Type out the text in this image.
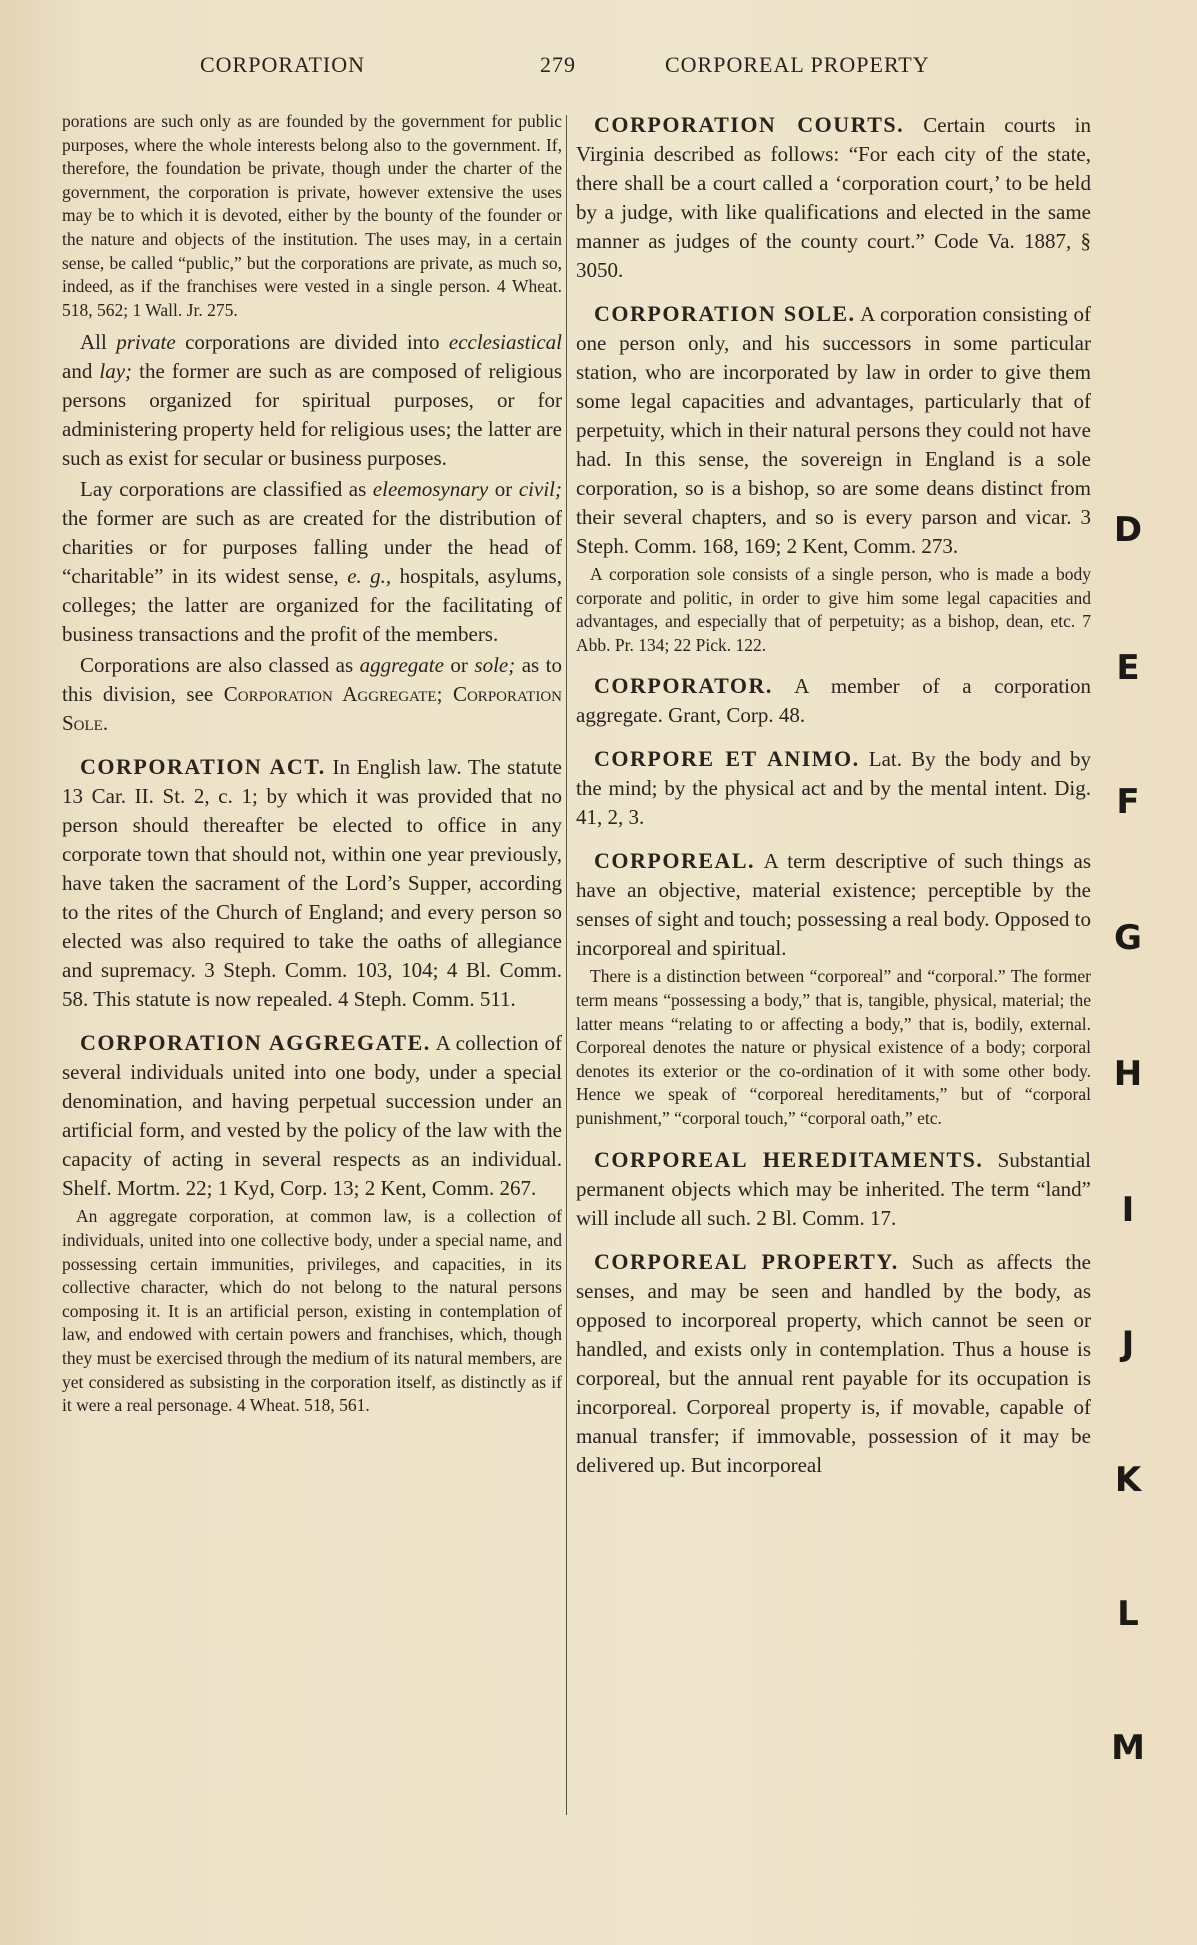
CORPORATION	279	CORPOREAL PROPERTY

porations are such only as are founded by the government for public purposes, where the whole interests belong also to the government. If, therefore, the foundation be private, though under the charter of the government, the corporation is private, however extensive the uses may be to which it is devoted, either by the bounty of the founder or the nature and objects of the institution. The uses may, in a certain sense, be called “public,” but the corporations are private, as much so, indeed, as if the franchises were vested in a single person. 4 Wheat. 518, 562; 1 Wall. Jr. 275.

All private corporations are divided into ecclesiastical and lay; the former are such as are composed of religious persons organized for spiritual purposes, or for administering property held for religious uses; the latter are such as exist for secular or business purposes.

Lay corporations are classified as eleemosynary or civil; the former are such as are created for the distribution of charities or for purposes falling under the head of “charitable” in its widest sense, e. g., hospitals, asylums, colleges; the latter are organized for the facilitating of business transactions and the profit of the members.

Corporations are also classed as aggregate or sole; as to this division, see Corporation Aggregate; Corporation Sole.

CORPORATION ACT. In English law. The statute 13 Car. II. St. 2, c. 1; by which it was provided that no person should thereafter be elected to office in any corporate town that should not, within one year previously, have taken the sacrament of the Lord’s Supper, according to the rites of the Church of England; and every person so elected was also required to take the oaths of allegiance and supremacy. 3 Steph. Comm. 103, 104; 4 Bl. Comm. 58. This statute is now repealed. 4 Steph. Comm. 511.

CORPORATION AGGREGATE. A collection of several individuals united into one body, under a special denomination, and having perpetual succession under an artificial form, and vested by the policy of the law with the capacity of acting in several respects as an individual. Shelf. Mortm. 22; 1 Kyd, Corp. 13; 2 Kent, Comm. 267.

An aggregate corporation, at common law, is a collection of individuals, united into one collective body, under a special name, and possessing certain immunities, privileges, and capacities, in its collective character, which do not belong to the natural persons composing it. It is an artificial person, existing in contemplation of law, and endowed with certain powers and franchises, which, though they must be exercised through the medium of its natural members, are yet considered as subsisting in the corporation itself, as distinctly as if it were a real personage. 4 Wheat. 518, 561.

CORPORATION COURTS. Certain courts in Virginia described as follows: “For each city of the state, there shall be a court called a ‘corporation court,’ to be held by a judge, with like qualifications and elected in the same manner as judges of the county court.” Code Va. 1887, § 3050.

CORPORATION SOLE. A corporation consisting of one person only, and his successors in some particular station, who are incorporated by law in order to give them some legal capacities and advantages, particularly that of perpetuity, which in their natural persons they could not have had. In this sense, the sovereign in England is a sole corporation, so is a bishop, so are some deans distinct from their several chapters, and so is every parson and vicar. 3 Steph. Comm. 168, 169; 2 Kent, Comm. 273.

A corporation sole consists of a single person, who is made a body corporate and politic, in order to give him some legal capacities and advantages, and especially that of perpetuity; as a bishop, dean, etc. 7 Abb. Pr. 134; 22 Pick. 122.

CORPORATOR. A member of a corporation aggregate. Grant, Corp. 48.

CORPORE ET ANIMO. Lat. By the body and by the mind; by the physical act and by the mental intent. Dig. 41, 2, 3.

CORPOREAL. A term descriptive of such things as have an objective, material existence; perceptible by the senses of sight and touch; possessing a real body. Opposed to incorporeal and spiritual.

There is a distinction between “corporeal” and “corporal.” The former term means “possessing a body,” that is, tangible, physical, material; the latter means “relating to or affecting a body,” that is, bodily, external. Corporeal denotes the nature or physical existence of a body; corporal denotes its exterior or the co-ordination of it with some other body. Hence we speak of “corporeal hereditaments,” but of “corporal punishment,” “corporal touch,” “corporal oath,” etc.

CORPOREAL HEREDITAMENTS. Substantial permanent objects which may be inherited. The term “land” will include all such. 2 Bl. Comm. 17.

CORPOREAL PROPERTY. Such as affects the senses, and may be seen and handled by the body, as opposed to incorporeal property, which cannot be seen or handled, and exists only in contemplation. Thus a house is corporeal, but the annual rent payable for its occupation is incorporeal. Corporeal property is, if movable, capable of manual transfer; if immovable, possession of it may be delivered up. But incorporeal

D
E
F
G
H
I
J
K
L
M
